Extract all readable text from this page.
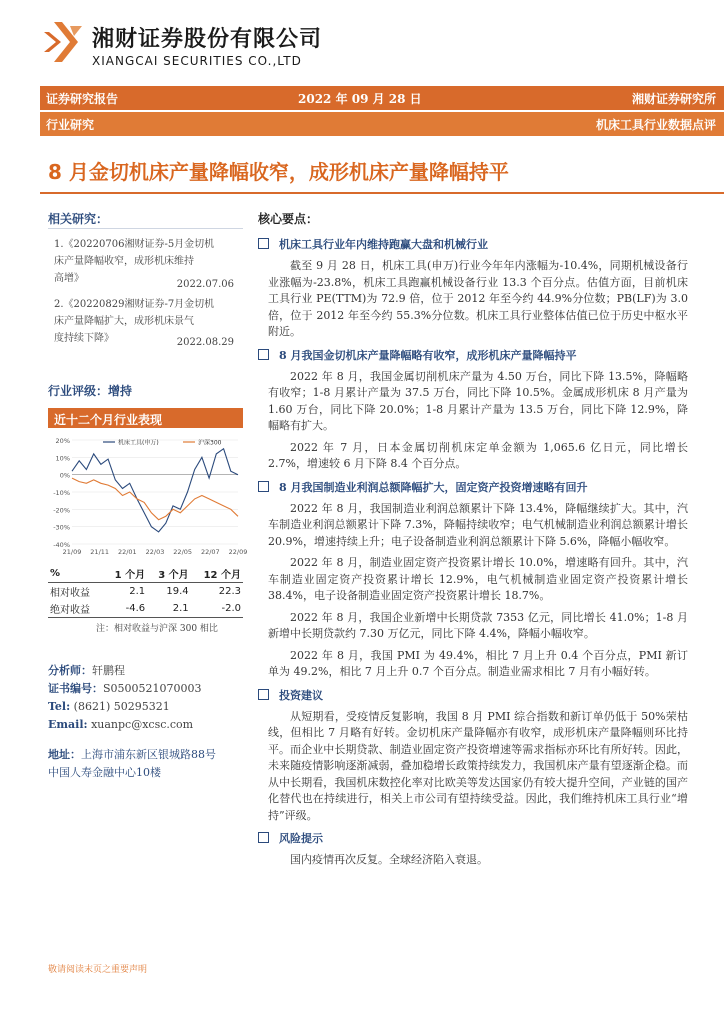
湘财证券股份有限公司
XIANGCAI SECURITIES CO.,LTD
证券研究报告	2022 年 09 月 28 日	湘财证券研究所
行业研究	机床工具行业数据点评
8 月金切机床产量降幅收窄，成形机床产量降幅持平
相关研究：
1.《20220706湘财证券-5月金切机
床产量降幅收窄，成形机床维持
高增》
2022.07.06
2.《20220829湘财证券-7月金切机
床产量降幅扩大，成形机床景气
度持续下降》	2022.08.29
行业评级：增持
近十二个月行业表现
20%
10%
0%
-10%
-20%
-30%
-40%
21/09 21/11 22/01 22/03 22/05 22/07 22/09
机床工具(申万)	沪深300
%	1 个月	3 个月	12 个月
相对收益	2.1	19.4	22.3
绝对收益	-4.6	2.1	-2.0
注：相对收益与沪深 300 相比
分析师：轩鹏程
证书编号：S0500521070003
Tel: (8621) 50295321
Email: xuanpc@xcsc.com
地址：上海市浦东新区银城路88号
中国人寿金融中心10楼
核心要点：
机床工具行业年内维持跑赢大盘和机械行业

截至 9 月 28 日，机床工具(申万)行业今年年内涨幅为-10.4%，同期机械设备行业涨幅为-23.8%，机床工具跑赢机械设备行业 13.3 个百分点。估值方面，目前机床工具行业 PE(TTM)为 72.9 倍，位于 2012 年至今约 44.9%分位数；PB(LF)为 3.0 倍，位于 2012 年至今约 55.3%分位数。机床工具行业整体估值已位于历史中枢水平附近。

8 月我国金切机床产量降幅略有收窄，成形机床产量降幅持平

2022 年 8 月，我国金属切削机床产量为 4.50 万台，同比下降 13.5%，降幅略有收窄；1-8 月累计产量为 37.5 万台，同比下降 10.5%。金属成形机床 8 月产量为 1.60 万台，同比下降 20.0%；1-8 月累计产量为 13.5 万台，同比下降 12.9%，降幅略有扩大。

2022 年 7 月，日本金属切削机床定单金额为 1,065.6 亿日元，同比增长 2.7%，增速较 6 月下降 8.4 个百分点。

8 月我国制造业利润总额降幅扩大，固定资产投资增速略有回升

2022 年 8 月，我国制造业利润总额累计下降 13.4%，降幅继续扩大。其中，汽车制造业利润总额累计下降 7.3%，降幅持续收窄；电气机械制造业利润总额累计增长 20.9%，增速持续上升；电子设备制造业利润总额累计下降 5.6%，降幅小幅收窄。

2022 年 8 月，制造业固定资产投资累计增长 10.0%，增速略有回升。其中，汽车制造业固定资产投资累计增长 12.9%，电气机械制造业固定资产投资累计增长 38.4%，电子设备制造业固定资产投资累计增长 18.7%。

2022 年 8 月，我国企业新增中长期贷款 7353 亿元，同比增长 41.0%；1-8 月新增中长期贷款约 7.30 万亿元，同比下降 4.4%，降幅小幅收窄。

2022 年 8 月，我国 PMI 为 49.4%，相比 7 月上升 0.4 个百分点，PMI 新订单为 49.2%，相比 7 月上升 0.7 个百分点。制造业需求相比 7 月有小幅好转。

投资建议

从短期看，受疫情反复影响，我国 8 月 PMI 综合指数和新订单仍低于 50%荣枯线，但相比 7 月略有好转。金切机床产量降幅亦有收窄，成形机床产量降幅则环比持平。而企业中长期贷款、制造业固定资产投资增速等需求指标亦环比有所好转。因此，未来随疫情影响逐渐减弱，叠加稳增长政策持续发力，我国机床产量有望逐渐企稳。而从中长期看，我国机床数控化率对比欧美等发达国家仍有较大提升空间，产业链的国产化替代也在持续进行，相关上市公司有望持续受益。因此，我们维持机床工具行业“增持”评级。

风险提示

国内疫情再次反复。全球经济陷入衰退。

敬请阅读末页之重要声明
